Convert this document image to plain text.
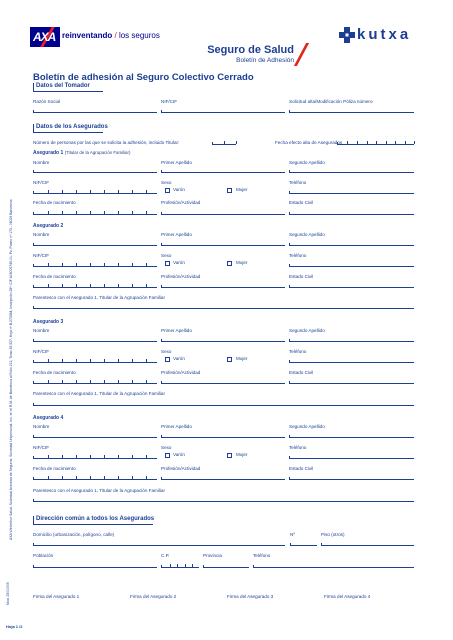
AXA reinventando / los seguros	kutxa
Seguro de Salud
Boletín de Adhesión
Boletín de adhesión al Seguro Colectivo Cerrado
AXA Winterthur Salud, Sociedad Anónima de Seguros. Sociedad Unipersonal. Inc. en el R.M. de Barcelona al Folio 212, Tomo 35.527, Hoja nº B-273384, Inscripción 28ª. CIF A08005749-01. Pz. Paseo nº 173 - 08029 Barcelona
Mod. 25000/09
Hoja 1 /2
Datos del Tomador
Razón Social	NIF/CIF	Solicitud alta/Modificación Póliza número
Datos de los Asegurados
Número de personas por las que se solicita la adhesión, incluido Titular:	Fecha efecto alta de Asegurados
Asegurado 1 (Titular de la Agrupación Familiar)
Nombre	Primer Apellido	Segundo Apellido
NIF/CIF	Sexo	Teléfono
Varón	Mujer
Fecha de nacimiento	Profesión/Actividad	Estado Civil
Asegurado 2
Nombre	Primer Apellido	Segundo Apellido
NIF/CIF	Sexo	Teléfono
Varón	Mujer
Fecha de nacimiento	Profesión/Actividad	Estado Civil
Parentesco con el Asegurado 1, Titular de la Agrupación Familiar
Asegurado 3
Nombre	Primer Apellido	Segundo Apellido
NIF/CIF	Sexo	Teléfono
Varón	Mujer
Fecha de nacimiento	Profesión/Actividad	Estado Civil
Parentesco con el Asegurado 1, Titular de la Agrupación Familiar
Asegurado 4
Nombre	Primer Apellido	Segundo Apellido
NIF/CIF	Sexo	Teléfono
Varón	Mujer
Fecha de nacimiento	Profesión/Actividad	Estado Civil
Parentesco con el Asegurado 1, Titular de la Agrupación Familiar
Dirección común a todos los Asegurados
Domicilio (urbanización, polígono, calle)	Nº	Piso (otros)
Población	C.P.	Provincia	Teléfono
Firma del Asegurado 1	Firma del Asegurado 2	Firma del Asegurado 3	Firma del Asegurado 4
